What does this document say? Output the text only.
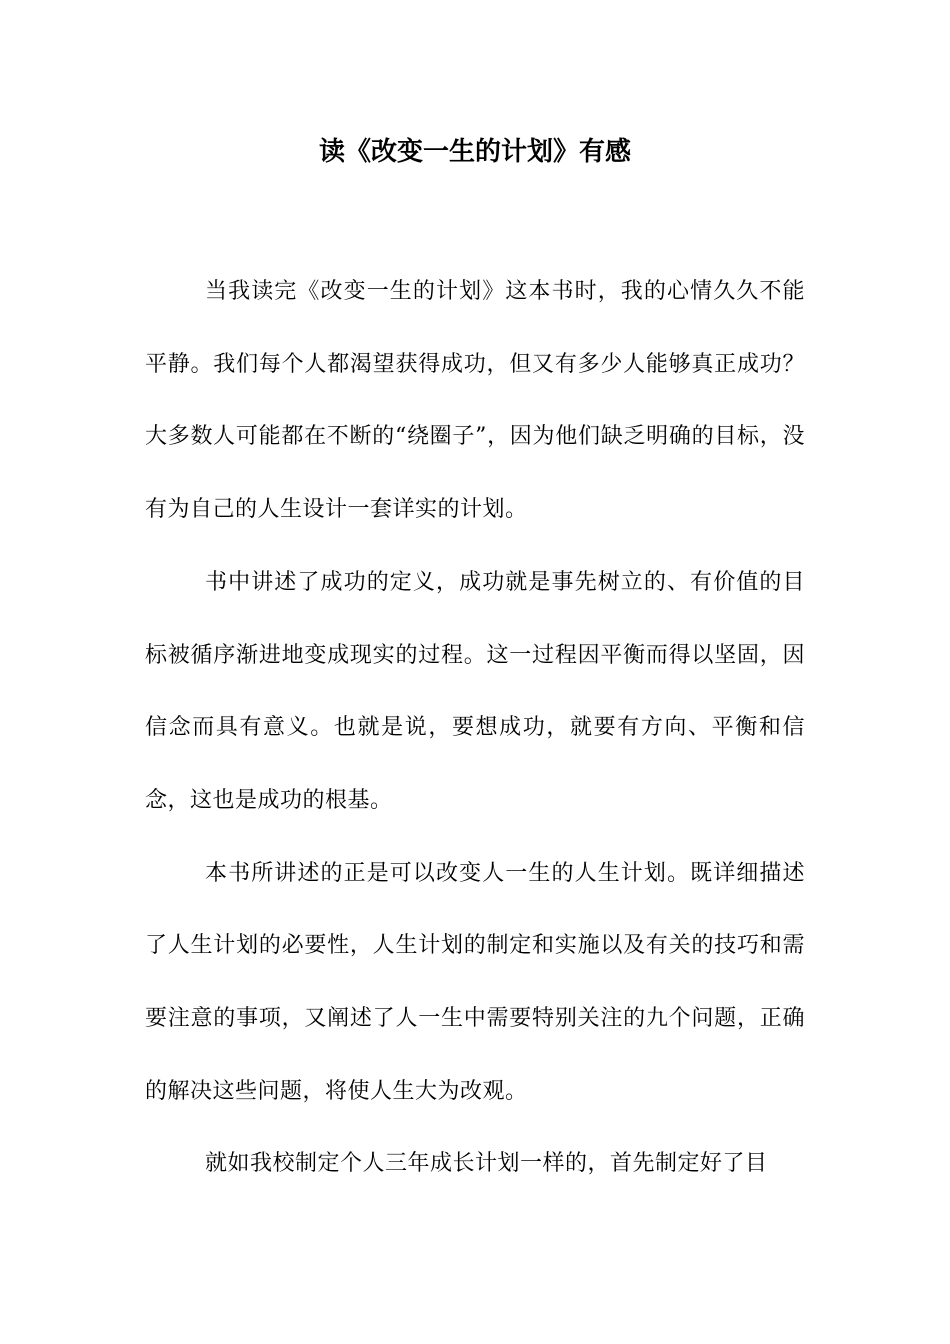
读《改变一生的计划》有感

当我读完《改变一生的计划》这本书时，我的心情久久不能平静。我们每个人都渴望获得成功，但又有多少人能够真正成功？大多数人可能都在不断的“绕圈子”，因为他们缺乏明确的目标，没有为自己的人生设计一套详实的计划。

书中讲述了成功的定义，成功就是事先树立的、有价值的目标被循序渐进地变成现实的过程。这一过程因平衡而得以坚固，因信念而具有意义。也就是说，要想成功，就要有方向、平衡和信念，这也是成功的根基。

本书所讲述的正是可以改变人一生的人生计划。既详细描述了人生计划的必要性，人生计划的制定和实施以及有关的技巧和需要注意的事项，又阐述了人一生中需要特别关注的九个问题，正确的解决这些问题，将使人生大为改观。

就如我校制定个人三年成长计划一样的，首先制定好了目
